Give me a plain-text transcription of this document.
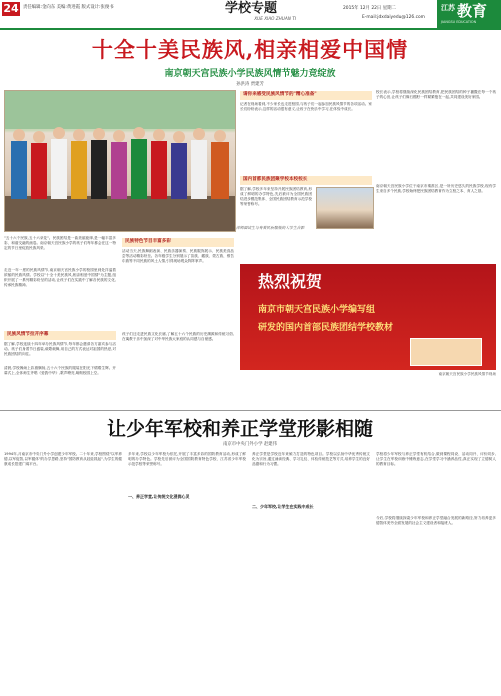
24 责任编辑:金向东 美编:黄进霞 版式设计:张俊书	学校专题
XUE XIAO ZHUAN TI
2015年 12月 22日 星期二
E-mail:jdxdaiyedu@126.com
江苏 教育
JIANGSU EDUCATION
十全十美民族风,相亲相爱中国情
南京朝天宫民族小学民族风情节魅力竞绽放
孙洪涛 贾建芳
律师面试生与身着民族服装的大学生合影
校长表示,学校将继续深化民族团结教育,把民族团结的种子播撒在每一个孩子的心田,让孩子们像石榴籽一样紧紧抱在一起,共同建设美好家园。
南京朝天宫民族小学位于南京市秦淮区,是一所历史悠久的民族学校,现有学生来自多个民族,学校始终把民族团结教育作为立校之本、育人之基。
请你来感受民族风情节的"精心准备"
记者在现场看到,不少家长也走进校园,与孩子们一起参加民族风情节的各项活动。家长们纷纷表示,这样的活动很有意义,让孩子在快乐中学习,在体验中成长。
国内首都民族团聚学校本校校长
据了解,学校多年来坚持开展民族团结教育,形成了鲜明的办学特色,先后被评为全国民族团结进步模范集体、全国民族团结教育示范学校等荣誉称号。
"五十六个民族,五十六朵花"。民族团结是一曲美丽旋律,是一幅丰富多彩、和谐交融的画卷。南京朝天宫民族小学的孩子们每年都会在这一特定的节日里绽放民族风采。
走近一年一度的民族风情节,南京朝天宫民族小学的校园里到处洋溢着浓郁的民族风情。学校以"十全十美民族风,相亲相爱中国情"为主题,组织开展了一系列精彩纷呈的活动,让孩子们在实践中了解各民族的文化,传承民族精神。
民族风情节拉开序幕
据了解,学校连续十四年举办民族风情节,每年都会邀请各方嘉宾参与活动。孩子们身着节日盛装,载歌载舞,用自己的方式表达对祖国的热爱,对民族团结的向往。
清晨,学校操场上彩旗飘扬,五十六个民族的服装在阳光下熠熠生辉。开幕式上,全体师生齐唱《爱我中华》,歌声嘹亮,响彻校园上空。
民族特色节目丰富多彩
活动当天,民族舞蹈表演、民族乐器演奏、民族服饰展示、民族美食品尝等活动精彩纷呈。各年级学生分别展示了苗族、藏族、蒙古族、维吾尔族等不同民族的风土人情,引得现场观众阵阵掌声。
孩子们还走进民族文化长廊,了解五十六个民族的历史渊源和传统习俗,在寓教于乐中加深了对中华民族大家庭的认同感与自豪感。
热烈祝贺
南京市朝天宫民族小学编写组
研发的国内首部民族团结学校教材
南京朝天宫民族小学民族风情节现场
让少年军校和养正学堂形影相随
南京市中央门外小学 赵建伟
1994年,月南京市中央门外小学创建少年军校。二十年来,学校围绕"以军养德,以军促智,以军健体"的办学思路,坚持"国防教育从娃娃抓起",为学生的健康成长搭建广阔平台。
多年来,学校以少年军校为依托,开展了丰富多彩的国防教育活动,形成了鲜明的办学特色。学校先后被评为全国国防教育特色学校、江苏省少年军校示范学校等荣誉称号。
一、养正学堂,让传统文化浸润心灵
养正学堂是学校近年来倾力打造的特色项目。学校以弘扬中华优秀传统文化为宗旨,通过诵读经典、学习礼仪、体验传统技艺等方式,培养学生的良好品德和行为习惯。
二、少年军校,让学生在实践中成长
学校将少年军校与养正学堂有机结合,做到课程同设、活动同开、评价同步,让学生在军校训练中锤炼意志,在学堂学习中涵养品性,真正实现了立德树人的教育目标。
今后,学校将继续探索少年军校和养正学堂融合发展的新路径,努力培养更多德智体美劳全面发展的社会主义建设者和接班人。
